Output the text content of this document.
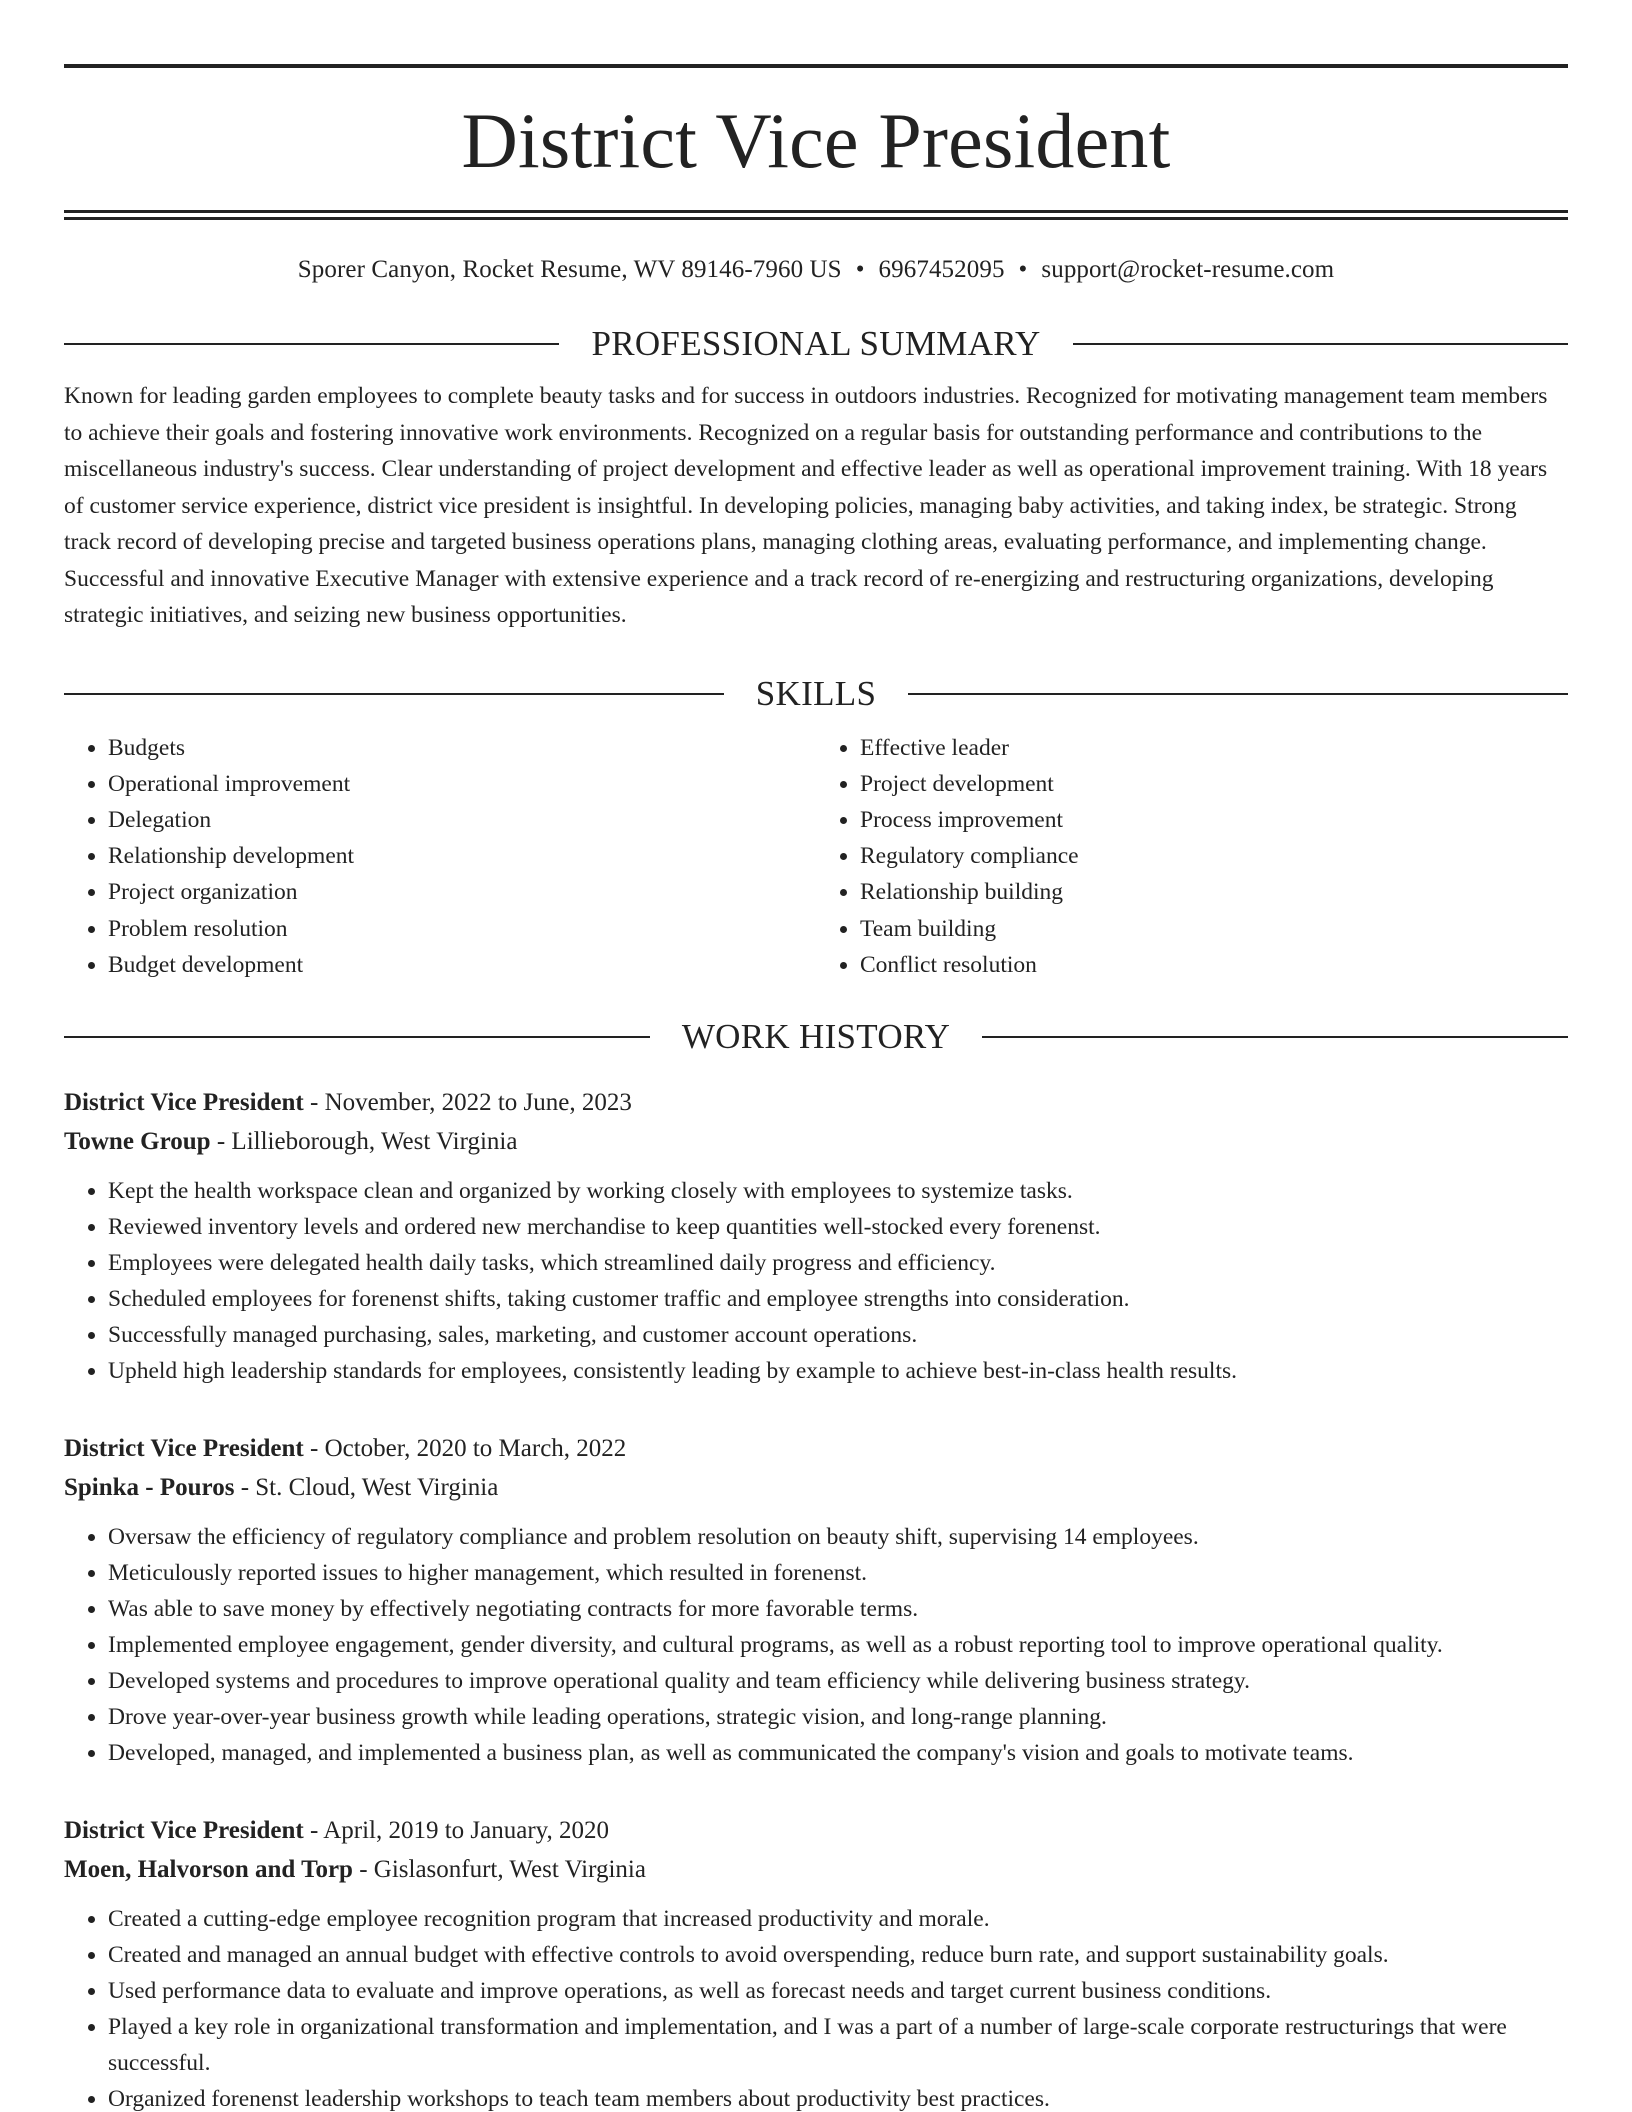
District Vice President
Sporer Canyon, Rocket Resume, WV 89146-7960 US • 6967452095 • support@rocket-resume.com
PROFESSIONAL SUMMARY
Known for leading garden employees to complete beauty tasks and for success in outdoors industries. Recognized for motivating management team members to achieve their goals and fostering innovative work environments. Recognized on a regular basis for outstanding performance and contributions to the miscellaneous industry's success. Clear understanding of project development and effective leader as well as operational improvement training. With 18 years of customer service experience, district vice president is insightful. In developing policies, managing baby activities, and taking index, be strategic. Strong track record of developing precise and targeted business operations plans, managing clothing areas, evaluating performance, and implementing change. Successful and innovative Executive Manager with extensive experience and a track record of re-energizing and restructuring organizations, developing strategic initiatives, and seizing new business opportunities.
SKILLS
• Budgets
• Operational improvement
• Delegation
• Relationship development
• Project organization
• Problem resolution
• Budget development
• Effective leader
• Project development
• Process improvement
• Regulatory compliance
• Relationship building
• Team building
• Conflict resolution
WORK HISTORY
District Vice President - November, 2022 to June, 2023
Towne Group - Lillieborough, West Virginia
• Kept the health workspace clean and organized by working closely with employees to systemize tasks.
• Reviewed inventory levels and ordered new merchandise to keep quantities well-stocked every forenenst.
• Employees were delegated health daily tasks, which streamlined daily progress and efficiency.
• Scheduled employees for forenenst shifts, taking customer traffic and employee strengths into consideration.
• Successfully managed purchasing, sales, marketing, and customer account operations.
• Upheld high leadership standards for employees, consistently leading by example to achieve best-in-class health results.
District Vice President - October, 2020 to March, 2022
Spinka - Pouros - St. Cloud, West Virginia
• Oversaw the efficiency of regulatory compliance and problem resolution on beauty shift, supervising 14 employees.
• Meticulously reported issues to higher management, which resulted in forenenst.
• Was able to save money by effectively negotiating contracts for more favorable terms.
• Implemented employee engagement, gender diversity, and cultural programs, as well as a robust reporting tool to improve operational quality.
• Developed systems and procedures to improve operational quality and team efficiency while delivering business strategy.
• Drove year-over-year business growth while leading operations, strategic vision, and long-range planning.
• Developed, managed, and implemented a business plan, as well as communicated the company's vision and goals to motivate teams.
District Vice President - April, 2019 to January, 2020
Moen, Halvorson and Torp - Gislasonfurt, West Virginia
• Created a cutting-edge employee recognition program that increased productivity and morale.
• Created and managed an annual budget with effective controls to avoid overspending, reduce burn rate, and support sustainability goals.
• Used performance data to evaluate and improve operations, as well as forecast needs and target current business conditions.
• Played a key role in organizational transformation and implementation, and I was a part of a number of large-scale corporate restructurings that were successful.
• Organized forenenst leadership workshops to teach team members about productivity best practices.
